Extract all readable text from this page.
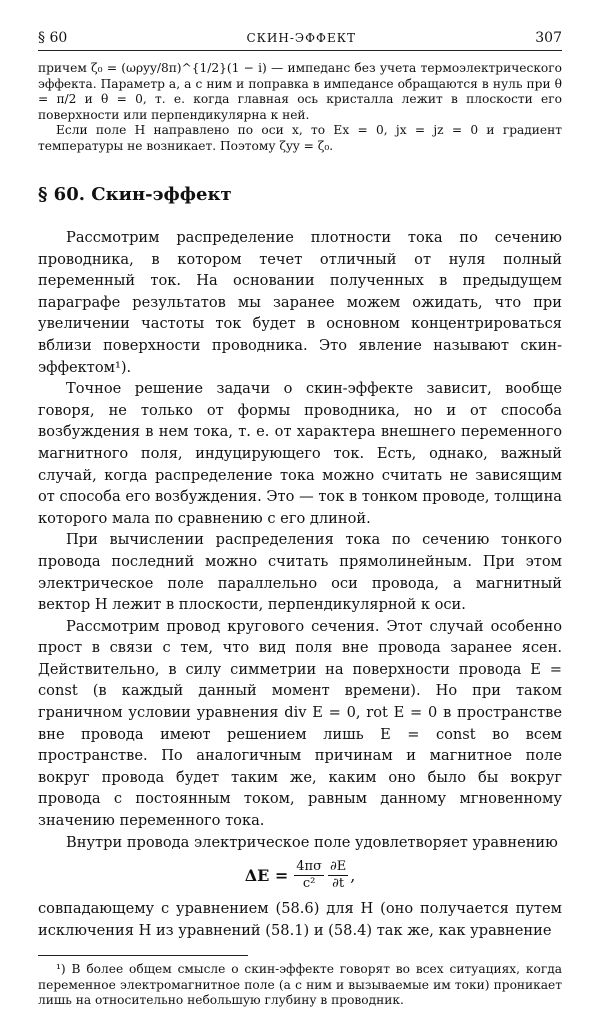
§ 60	СКИН-ЭФФЕКТ	307

причем ζ₀ = (ωρyy/8π)^{1/2}(1 − i) — импеданс без учета термоэлектрического эффекта. Параметр a, а с ним и поправка в импедансе обращаются в нуль при θ = π/2 и θ = 0, т. е. когда главная ось кристалла лежит в плоскости его поверхности или перпендикулярна к ней.

Если поле H направлено по оси x, то Ex = 0, jx = jz = 0 и градиент температуры не возникает. Поэтому ζyy = ζ₀.

§ 60. Скин-эффект

Рассмотрим распределение плотности тока по сечению проводника, в котором течет отличный от нуля полный переменный ток. На основании полученных в предыдущем параграфе результатов мы заранее можем ожидать, что при увеличении частоты ток будет в основном концентрироваться вблизи поверхности проводника. Это явление называют скин-эффектом¹).

Точное решение задачи о скин-эффекте зависит, вообще говоря, не только от формы проводника, но и от способа возбуждения в нем тока, т. е. от характера внешнего переменного магнитного поля, индуцирующего ток. Есть, однако, важный случай, когда распределение тока можно считать не зависящим от способа его возбуждения. Это — ток в тонком проводе, толщина которого мала по сравнению с его длиной.

При вычислении распределения тока по сечению тонкого провода последний можно считать прямолинейным. При этом электрическое поле параллельно оси провода, а магнитный вектор H лежит в плоскости, перпендикулярной к оси.

Рассмотрим провод кругового сечения. Этот случай особенно прост в связи с тем, что вид поля вне провода заранее ясен. Действительно, в силу симметрии на поверхности провода E = const (в каждый данный момент времени). Но при таком граничном условии уравнения div E = 0, rot E = 0 в пространстве вне провода имеют решением лишь E = const во всем пространстве. По аналогичным причинам и магнитное поле вокруг провода будет таким же, каким оно было бы вокруг провода с постоянным током, равным данному мгновенному значению переменного тока.

Внутри провода электрическое поле удовлетворяет уравнению

$\Delta E = \frac{4\pi\sigma}{\text{c²}} \frac{\partial E}{\partial t}$ ,

совпадающему с уравнением (58.6) для H (оно получается путем исключения H из уравнений (58.1) и (58.4) так же, как уравнение

¹) В более общем смысле о скин-эффекте говорят во всех ситуациях, когда переменное электромагнитное поле (а с ним и вызываемые им токи) проникает лишь на относительно небольшую глубину в проводник.
